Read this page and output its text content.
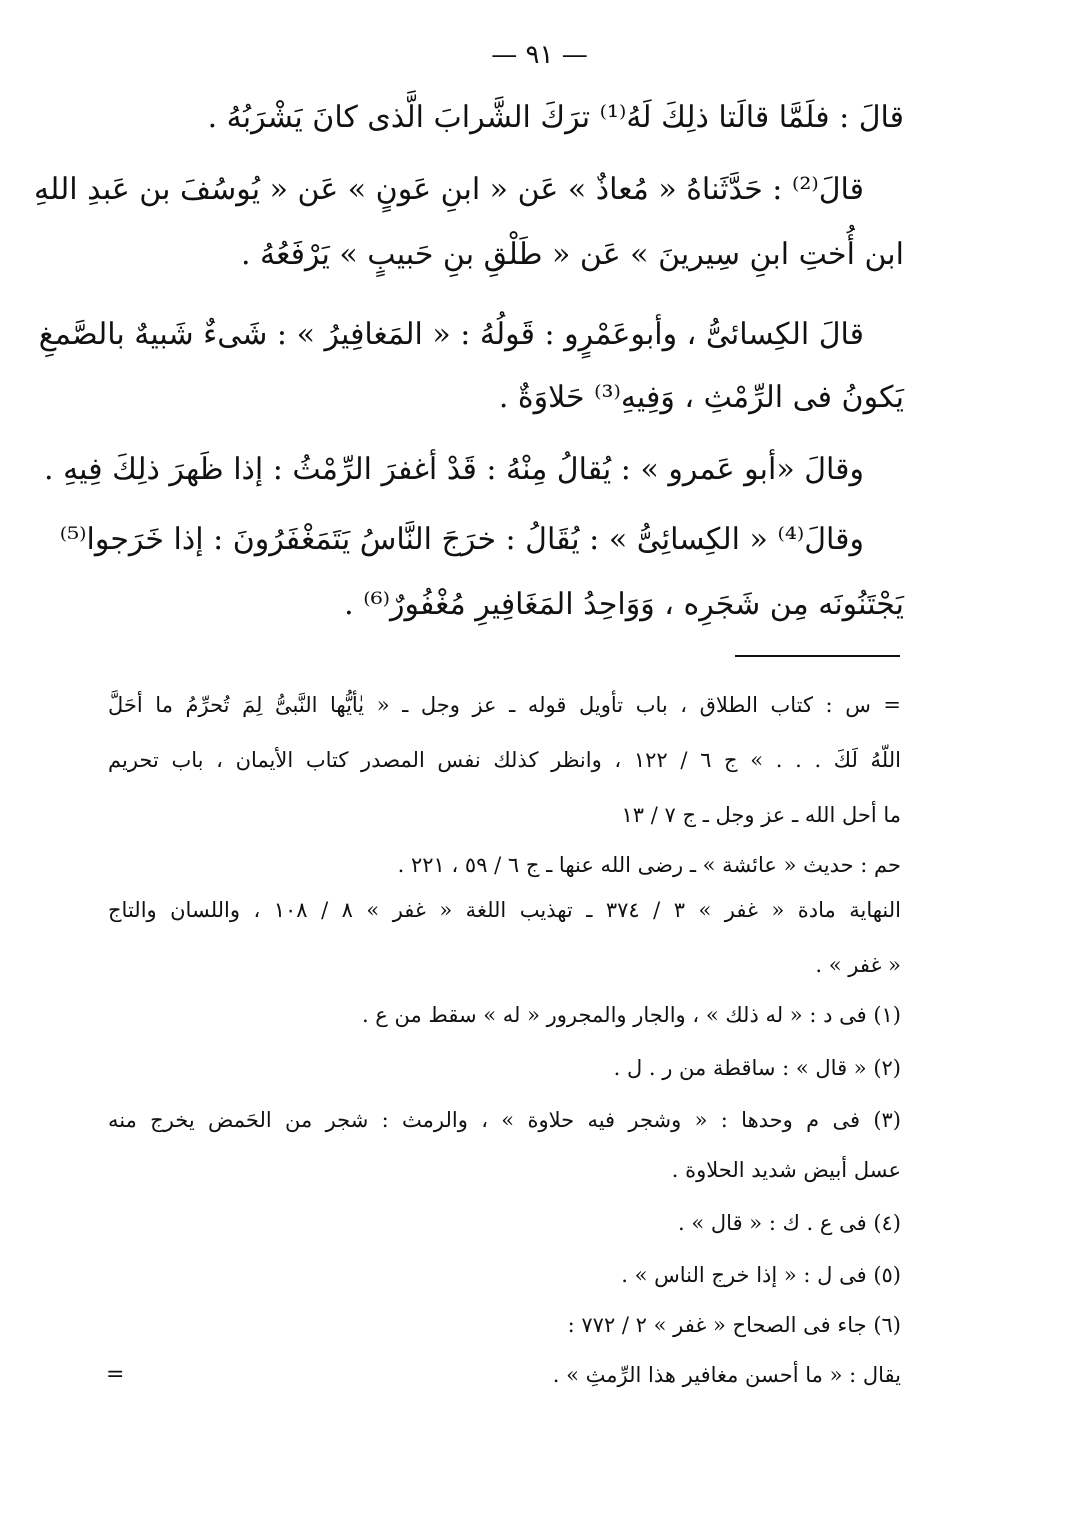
— ٩١ —
قالَ : فلَمَّا قالَتا ذلِكَ لَهُ⁽¹⁾ ترَكَ الشَّرابَ الَّذى كانَ يَشْرَبُهُ .
قالَ⁽²⁾ : حَدَّثَناهُ « مُعاذٌ » عَن « ابنِ عَونٍ » عَن « يُوسُفَ بن عَبدِ اللهِ
ابن أُختِ ابنِ سِيرينَ » عَن « طَلْقِ بنِ حَبيبٍ » يَرْفَعُهُ .
قالَ الكِسائىُّ ، وأبوعَمْرٍو : قَولُهُ : « المَغافِيرُ » : شَىءٌ شَبيهٌ بالصَّمغِ
يَكونُ فى الرِّمْثِ ، وَفِيهِ⁽³⁾ حَلاوَةٌ .
وقالَ «أبو عَمرو » : يُقالُ مِنْهُ : قَدْ أغفرَ الرِّمْثُ : إذا ظَهرَ ذلِكَ فِيهِ .
وقالَ⁽⁴⁾ « الكِسائِىُّ » : يُقَالُ : خرَجَ النَّاسُ يَتَمَغْفَرُونَ : إذا خَرَجوا⁽⁵⁾
يَجْتَنُونَه مِن شَجَرِه ، وَوَاحِدُ المَغَافِيرِ مُغْفُورٌ⁽⁶⁾ .
= س : كتاب الطلاق ، باب تأويل قوله ـ عز وجل ـ « يٰأيُّها النَّبىُّ لِمَ تُحرِّمُ ما أحَلَّ
اللّهُ لَكَ . . . » ج ٦ / ١٢٢ ، وانظر كذلك نفس المصدر كتاب الأيمان ، باب تحريم
ما أحل الله ـ عز وجل ـ ج ٧ / ١٣
حم : حديث « عائشة » ـ رضى الله عنها ـ ج ٦ / ٥٩ ، ٢٢١ .
النهاية مادة « غفر » ٣ / ٣٧٤ ـ تهذيب اللغة « غفر » ٨ / ١٠٨ ، واللسان والتاج
« غفر » .
(١) فى د : « له ذلك » ، والجار والمجرور « له » سقط من ع .
(٢) « قال » : ساقطة من ر . ل .
(٣) فى م وحدها : « وشجر فيه حلاوة » ، والرمث : شجر من الحَمض يخرج منه
عسل أبيض شديد الحلاوة .
(٤) فى ع . ك : « قال » .
(٥) فى ل : « إذا خرج الناس » .
(٦) جاء فى الصحاح « غفر » ٢ / ٧٧٢ :
يقال : « ما أحسن مغافير هذا الرِّمثِ » .
=
